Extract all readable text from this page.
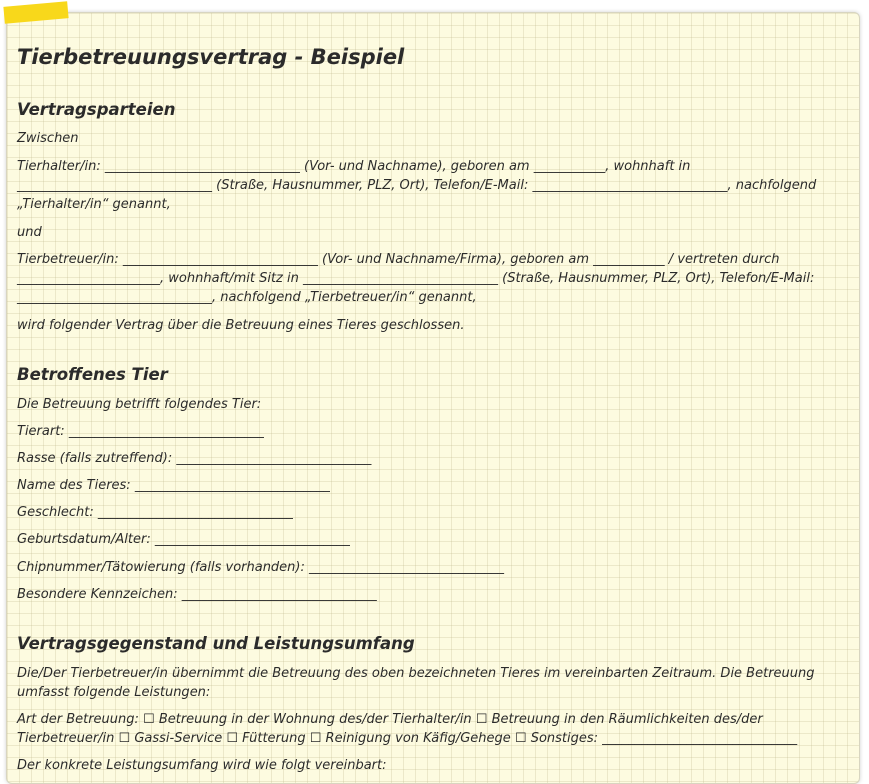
Tierbetreuungsvertrag - Beispiel
Vertragsparteien

Zwischen

Tierhalter/in: ______________________________ (Vor- und Nachname), geboren am ___________, wohnhaft in ______________________________ (Straße, Hausnummer, PLZ, Ort), Telefon/E-Mail: ______________________________, nachfolgend „Tierhalter/in“ genannt,

und

Tierbetreuer/in: ______________________________ (Vor- und Nachname/Firma), geboren am ___________ / vertreten durch ______________________, wohnhaft/mit Sitz in ______________________________ (Straße, Hausnummer, PLZ, Ort), Telefon/E-Mail: ______________________________, nachfolgend „Tierbetreuer/in“ genannt,

wird folgender Vertrag über die Betreuung eines Tieres geschlossen.

Betroffenes Tier

Die Betreuung betrifft folgendes Tier:

Tierart: ______________________________

Rasse (falls zutreffend): ______________________________

Name des Tieres: ______________________________

Geschlecht: ______________________________

Geburtsdatum/Alter: ______________________________

Chipnummer/Tätowierung (falls vorhanden): ______________________________

Besondere Kennzeichen: ______________________________

Vertragsgegenstand und Leistungsumfang

Die/Der Tierbetreuer/in übernimmt die Betreuung des oben bezeichneten Tieres im vereinbarten Zeitraum. Die Betreuung umfasst folgende Leistungen:

Art der Betreuung: ☐ Betreuung in der Wohnung des/der Tierhalter/in ☐ Betreuung in den Räumlichkeiten des/der Tierbetreuer/in ☐ Gassi-Service ☐ Fütterung ☐ Reinigung von Käfig/Gehege ☐ Sonstiges: ______________________________

Der konkrete Leistungsumfang wird wie folgt vereinbart:
